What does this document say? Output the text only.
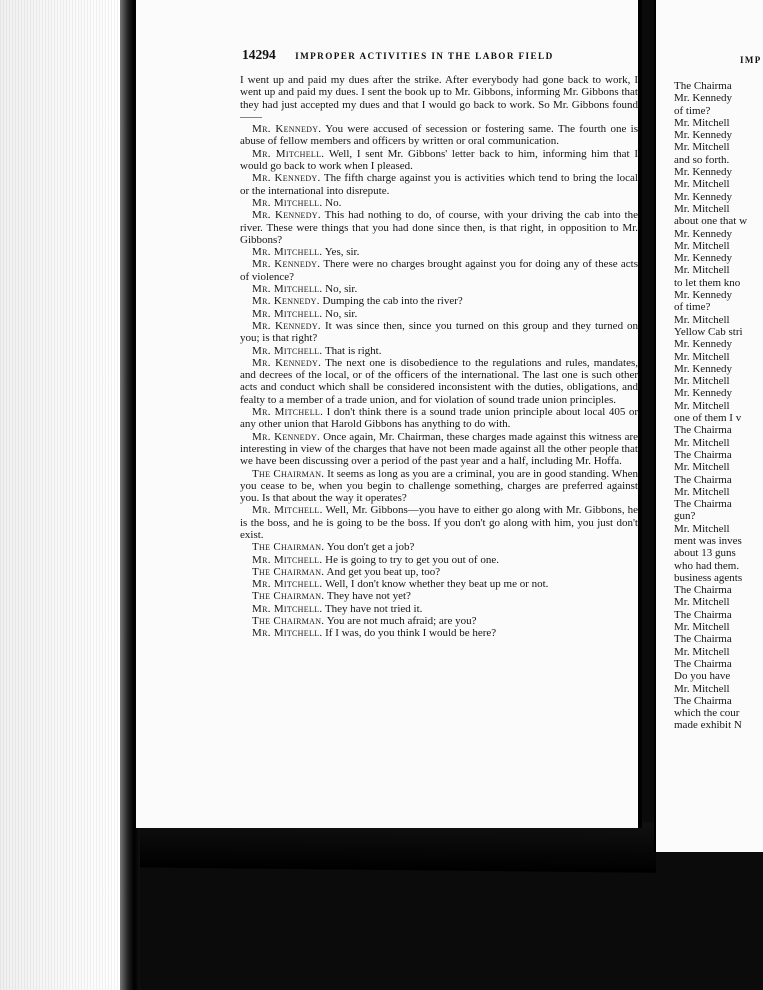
14294 IMPROPER ACTIVITIES IN THE LABOR FIELD

I went up and paid my dues after the strike. After everybody had gone back to work, I went up and paid my dues. I sent the book up to Mr. Gibbons, informing Mr. Gibbons that they had just accepted my dues and that I would go back to work. So Mr. Gibbons found——

Mr. Kennedy. You were accused of secession or fostering same. The fourth one is abuse of fellow members and officers by written or oral communication.

Mr. Mitchell. Well, I sent Mr. Gibbons' letter back to him, informing him that I would go back to work when I pleased.

Mr. Kennedy. The fifth charge against you is activities which tend to bring the local or the international into disrepute.

Mr. Mitchell. No.

Mr. Kennedy. This had nothing to do, of course, with your driving the cab into the river. These were things that you had done since then, is that right, in opposition to Mr. Gibbons?

Mr. Mitchell. Yes, sir.

Mr. Kennedy. There were no charges brought against you for doing any of these acts of violence?

Mr. Mitchell. No, sir.

Mr. Kennedy. Dumping the cab into the river?

Mr. Mitchell. No, sir.

Mr. Kennedy. It was since then, since you turned on this group and they turned on you; is that right?

Mr. Mitchell. That is right.

Mr. Kennedy. The next one is disobedience to the regulations and rules, mandates, and decrees of the local, or of the officers of the international. The last one is such other acts and conduct which shall be considered inconsistent with the duties, obligations, and fealty to a member of a trade union, and for violation of sound trade union principles.

Mr. Mitchell. I don't think there is a sound trade union principle about local 405 or any other union that Harold Gibbons has anything to do with.

Mr. Kennedy. Once again, Mr. Chairman, these charges made against this witness are interesting in view of the charges that have not been made against all the other people that we have been discussing over a period of the past year and a half, including Mr. Hoffa.

The Chairman. It seems as long as you are a criminal, you are in good standing. When you cease to be, when you begin to challenge something, charges are preferred against you. Is that about the way it operates?

Mr. Mitchell. Well, Mr. Gibbons—you have to either go along with Mr. Gibbons, he is the boss, and he is going to be the boss. If you don't go along with him, you just don't exist.

The Chairman. You don't get a job?

Mr. Mitchell. He is going to try to get you out of one.

The Chairman. And get you beat up, too?

Mr. Mitchell. Well, I don't know whether they beat up me or not.

The Chairman. They have not yet?

Mr. Mitchell. They have not tried it.

The Chairman. You are not much afraid; are you?

Mr. Mitchell. If I was, do you think I would be here?

IMP
The Chairma
Mr. Kennedy
of time?
Mr. Mitchell
Mr. Kennedy
Mr. Mitchell
and so forth.
Mr. Kennedy
Mr. Mitchell
Mr. Kennedy
Mr. Mitchell
about one that w
Mr. Kennedy
Mr. Mitchell
Mr. Kennedy
Mr. Mitchell
to let them kno
Mr. Kennedy
of time?
Mr. Mitchell
Yellow Cab stri
Mr. Kennedy
Mr. Mitchell
Mr. Kennedy
Mr. Mitchell
Mr. Kennedy
Mr. Mitchell
one of them I v
The Chairma
Mr. Mitchell
The Chairma
Mr. Mitchell
The Chairma
Mr. Mitchell
The Chairma
gun?
Mr. Mitchell
ment was inves
about 13 guns
who had them.
business agents
The Chairma
Mr. Mitchell
The Chairma
Mr. Mitchell
The Chairma
Mr. Mitchell
The Chairma
Do you have
Mr. Mitchell
The Chairma
which the cour
made exhibit N
